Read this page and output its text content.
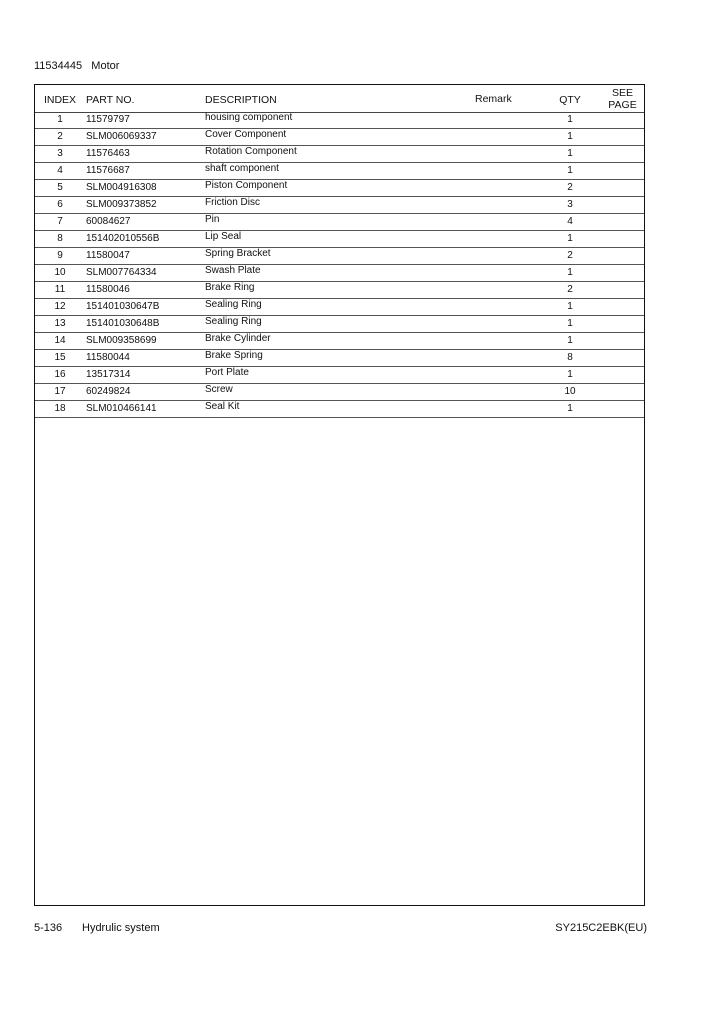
11534445 Motor
INDEX PART NO.	DESCRIPTION	Remark	QTY
SEE
PAGE
1	11579797	housing component	1
2	SLM006069337	Cover Component	1
3	11576463	Rotation Component	1
4	11576687	shaft component	1
5	SLM004916308	Piston Component	2
6	SLM009373852	Friction Disc	3
7	60084627	Pin	4
8	151402010556B	Lip Seal	1
9	11580047	Spring Bracket	2
10	SLM007764334	Swash Plate	1
11	11580046	Brake Ring	2
12	151401030647B	Sealing Ring	1
13	151401030648B	Sealing Ring	1
14	SLM009358699	Brake Cylinder	1
15	11580044	Brake Spring	8
16	13517314	Port Plate	1
17	60249824	Screw	10
18	SLM010466141	Seal Kit	1
5-136 Hydrulic system	SY215C2EBK(EU)
